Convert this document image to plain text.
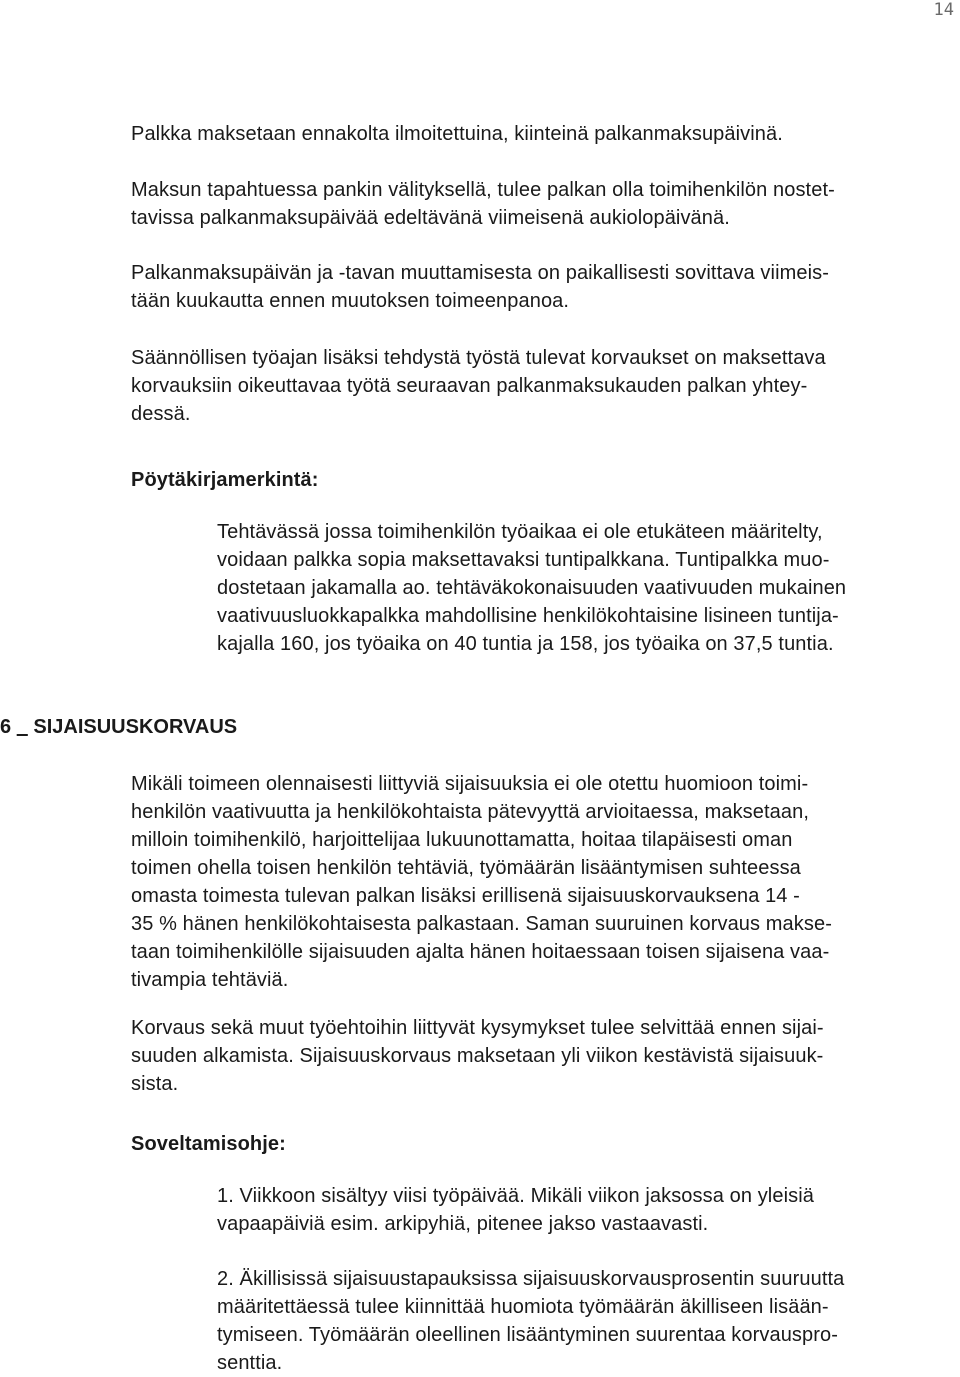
14
Palkka maksetaan ennakolta ilmoitettuina, kiinteinä palkanmaksupäivinä.
Maksun tapahtuessa pankin välityksellä, tulee palkan olla toimihenkilön nostet-
tavissa palkanmaksupäivää edeltävänä viimeisenä aukiolopäivänä.
Palkanmaksupäivän ja -tavan muuttamisesta on paikallisesti sovittava viimeis-
tään kuukautta ennen muutoksen toimeenpanoa.
Säännöllisen työajan lisäksi tehdystä työstä tulevat korvaukset on maksettava
korvauksiin oikeuttavaa työtä seuraavan palkanmaksukauden palkan yhtey-
dessä.
Pöytäkirjamerkintä:
Tehtävässä jossa toimihenkilön työaikaa ei ole etukäteen määritelty,
voidaan palkka sopia maksettavaksi tuntipalkkana. Tuntipalkka muo-
dostetaan jakamalla ao. tehtäväkokonaisuuden vaativuuden mukainen
vaativuusluokkapalkka mahdollisine henkilökohtaisine lisineen tuntija-
kajalla 160, jos työaika on 40 tuntia ja 158, jos työaika on 37,5 tuntia.
6 SIJAISUUSKORVAUS
Mikäli toimeen olennaisesti liittyviä sijaisuuksia ei ole otettu huomioon toimi-
henkilön vaativuutta ja henkilökohtaista pätevyyttä arvioitaessa, maksetaan,
milloin toimihenkilö, harjoittelijaa lukuunottamatta, hoitaa tilapäisesti oman
toimen ohella toisen henkilön tehtäviä, työmäärän lisääntymisen suhteessa
omasta toimesta tulevan palkan lisäksi erillisenä sijaisuuskorvauksena 14 -
35 % hänen henkilökohtaisesta palkastaan. Saman suuruinen korvaus makse-
taan toimihenkilölle sijaisuuden ajalta hänen hoitaessaan toisen sijaisena vaa-
tivampia tehtäviä.
Korvaus sekä muut työehtoihin liittyvät kysymykset tulee selvittää ennen sijai-
suuden alkamista. Sijaisuuskorvaus maksetaan yli viikon kestävistä sijaisuuk-
sista.
Soveltamisohje:
1. Viikkoon sisältyy viisi työpäivää. Mikäli viikon jaksossa on yleisiä
vapaapäiviä esim. arkipyhiä, pitenee jakso vastaavasti.
2. Äkillisissä sijaisuustapauksissa sijaisuuskorvausprosentin suuruutta
määritettäessä tulee kiinnittää huomiota työmäärän äkilliseen lisään-
tymiseen. Työmäärän oleellinen lisääntyminen suurentaa korvauspro-
senttia.
